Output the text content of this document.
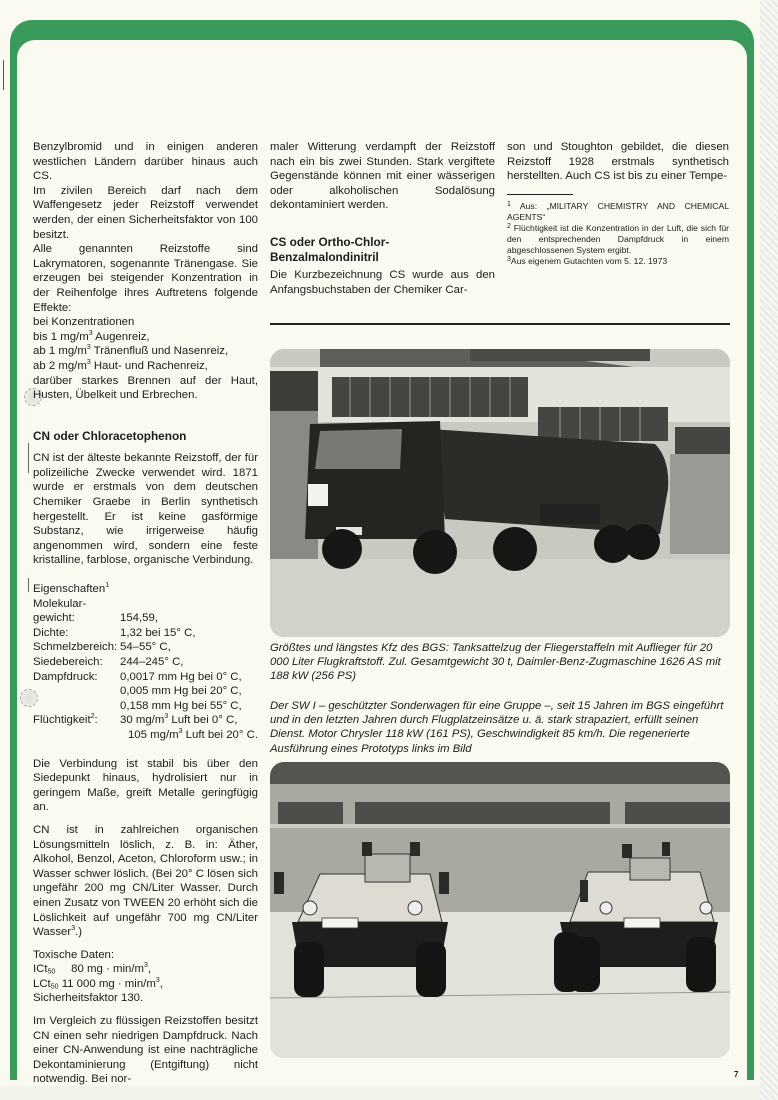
Benzylbromid und in einigen anderen westlichen Ländern darüber hinaus auch CS.

Im zivilen Bereich darf nach dem Waffengesetz jeder Reizstoff verwendet werden, der einen Sicherheitsfaktor von 100 besitzt.

Alle genannten Reizstoffe sind Lakrymatoren, sogenannte Tränengase. Sie erzeugen bei steigender Konzentration in der Reihenfolge ihres Auftretens folgende Effekte:

bei Konzentrationen
bis 1 $mg/m^3$ Augenreiz,
ab 1 $mg/m^3$ Tränenfluß und Nasenreiz,
ab 2 $mg/m^3$ Haut- und Rachenreiz,

darüber starkes Brennen auf der Haut, Husten, Übelkeit und Erbrechen.

CN oder Chloracetophenon

CN ist der älteste bekannte Reizstoff, der für polizeiliche Zwecke verwendet wird. 1871 wurde er erstmals von dem deutschen Chemiker Graebe in Berlin synthetisch hergestellt. Er ist keine gasförmige Substanz, wie irrigerweise häufig angenommen wird, sondern eine feste kristalline, farblose, organische Verbindung.

Eigenschaften$^1$
Molekular-	
gewicht:	154,59,
Dichte:	1,32 bei 15° C,
Schmelzbereich:	54–55° C,
Siedebereich:	244–245° C,
Dampfdruck:	0,0017 mm Hg bei 0° C,
	0,005 mm Hg bei 20° C,
	0,158 mm Hg bei 55° C,
Flüchtigkeit$^2$:	30 $mg/m^3$ Luft bei 0° C,
105 $mg/m^3$ Luft bei 20° C.	

Die Verbindung ist stabil bis über den Siedepunkt hinaus, hydrolisiert nur in geringem Maße, greift Metalle geringfügig an.

CN ist in zahlreichen organischen Lösungsmitteln löslich, z. B. in: Äther, Alkohol, Benzol, Aceton, Chloroform usw.; in Wasser schwer löslich. (Bei 20° C lösen sich ungefähr 200 mg CN/Liter Wasser. Durch einen Zusatz von TWEEN 20 erhöht sich die Löslichkeit auf ungefähr 700 mg CN/Liter Wasser$^3$.)

Toxische Daten:
ICt50     80 mg · $\min/m^3$,
LCt50 11 000 mg · $\min/m^3$,
Sicherheitsfaktor 130.

Im Vergleich zu flüssigen Reizstoffen besitzt CN einen sehr niedrigen Dampfdruck. Nach einer CN-Anwendung ist eine nachträgliche Dekontaminierung (Entgiftung) nicht notwendig. Bei nor-

maler Witterung verdampft der Reizstoff nach ein bis zwei Stunden. Stark vergiftete Gegenstände können mit einer wässerigen oder alkoholischen Sodalösung dekontaminiert werden.

CS oder Ortho-Chlor-Benzalmalondinitril

Die Kurzbezeichnung CS wurde aus den Anfangsbuchstaben der Chemiker Car-

son und Stoughton gebildet, die diesen Reizstoff 1928 erstmals synthetisch herstellten. Auch CS ist bis zu einer Tempe-

$^1$ Aus: „MILITARY CHEMISTRY AND CHEMICAL AGENTS“

$^2$ Flüchtigkeit ist die Konzentration in der Luft, die sich für den entsprechenden Dampfdruck in einem abgeschlossenen System ergibt.

$^3$Aus eigenem Gutachten vom 5. 12. 1973

Größtes und längstes Kfz des BGS: Tanksattelzug der Fliegerstaffeln mit Auflieger für 20 000 Liter Flugkraftstoff. Zul. Gesamtgewicht 30 t, Daimler-Benz-Zugmaschine 1626 AS mit 188 kW (256 PS)
Der SW I – geschützter Sonderwagen für eine Gruppe –, seit 15 Jahren im BGS eingeführt und in den letzten Jahren durch Flugplatzeinsätze u. ä. stark strapaziert, erfüllt seinen Dienst. Motor Chrysler 118 kW (161 PS), Geschwindigkeit 85 km/h. Die regenerierte Ausführung eines Prototyps links im Bild
7
